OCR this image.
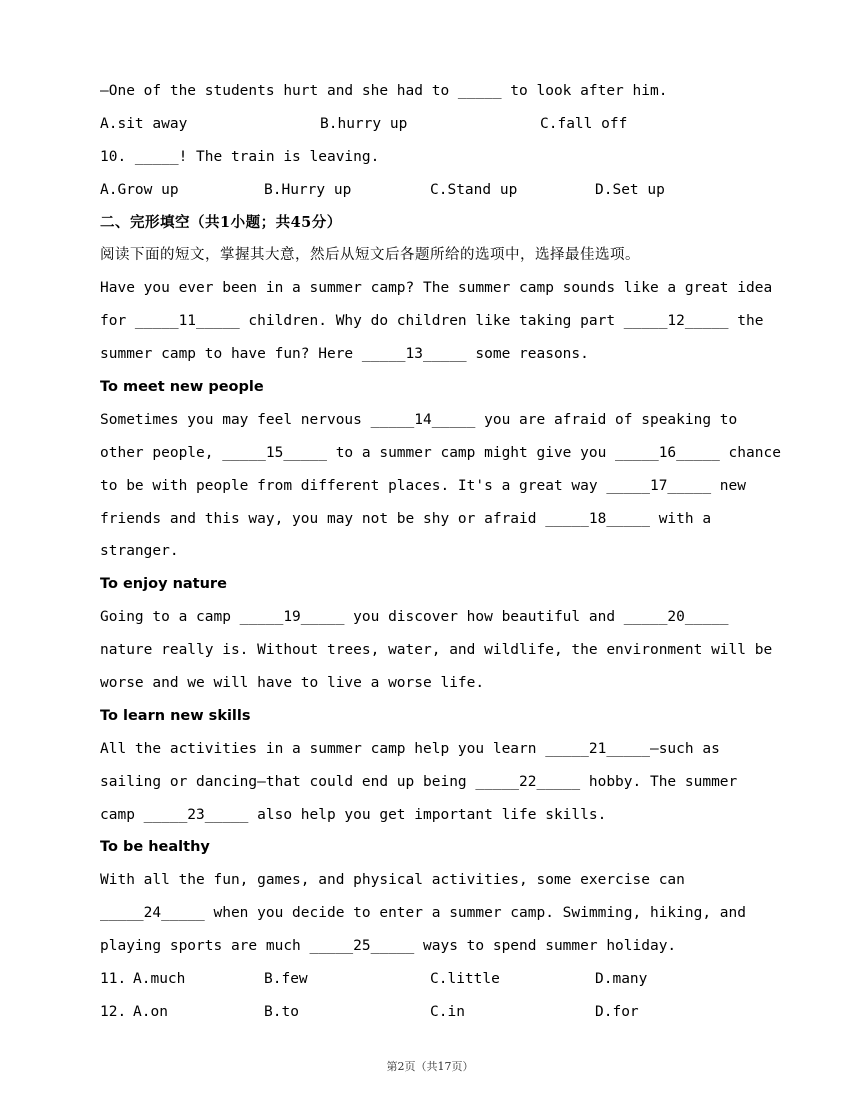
—One of the students hurt and she had to _____ to look after him.
A.sit away	B.hurry up	C.fall off
10. _____! The train is leaving.
A.Grow up	B.Hurry up	C.Stand up	D.Set up
二、完形填空（共1小题；共45分）
阅读下面的短文，掌握其大意，然后从短文后各题所给的选项中，选择最佳选项。
Have you ever been in a summer camp? The summer camp sounds like a great idea
for _____11_____ children. Why do children like taking part _____12_____ the
summer camp to have fun? Here _____13_____ some reasons.
To meet new people
Sometimes you may feel nervous _____14_____ you are afraid of speaking to
other people, _____15_____ to a summer camp might give you _____16_____ chance
to be with people from different places. It's a great way _____17_____ new
friends and this way, you may not be shy or afraid _____18_____ with a
stranger.
To enjoy nature
Going to a camp _____19_____ you discover how beautiful and _____20_____
nature really is. Without trees, water, and wildlife, the environment will be
worse and we will have to live a worse life.
To learn new skills
All the activities in a summer camp help you learn _____21_____—such as
sailing or dancing—that could end up being _____22_____ hobby. The summer
camp _____23_____ also help you get important life skills.
To be healthy
With all the fun, games, and physical activities, some exercise can
_____24_____ when you decide to enter a summer camp. Swimming, hiking, and
playing sports are much _____25_____ ways to spend summer holiday.
11. A.much	B.few	C.little	D.many
12. A.on	B.to	C.in	D.for
第2页（共17页）
